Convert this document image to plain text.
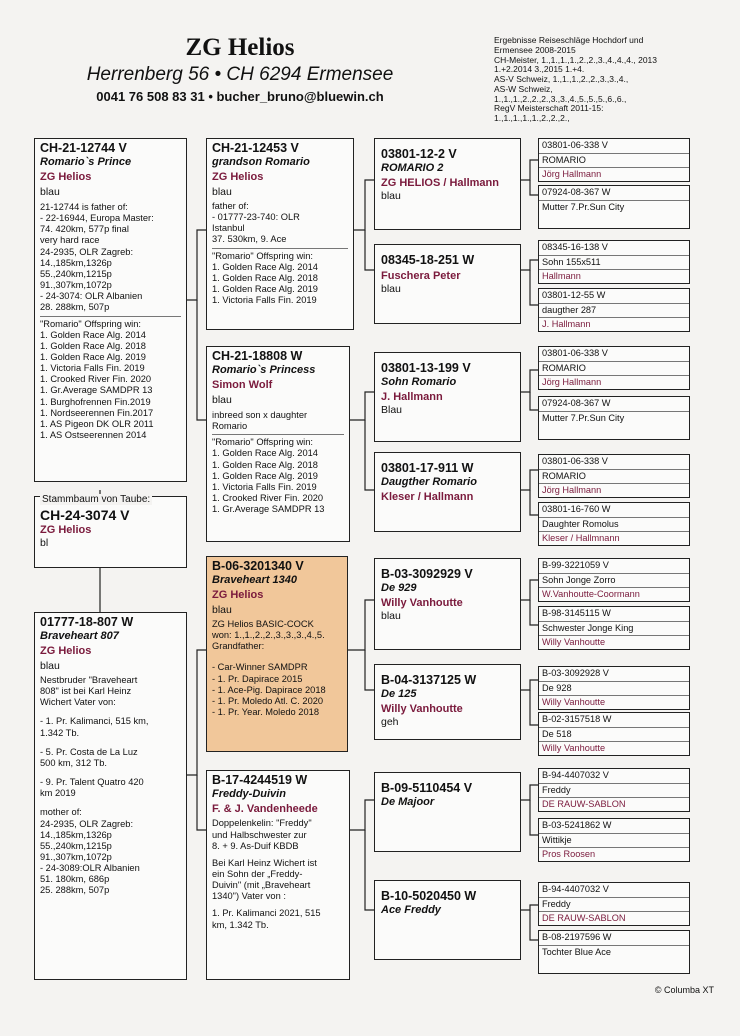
ZG Helios
Herrenberg 56 • CH 6294 Ermensee
0041 76 508 83 31 • bucher_bruno@bluewin.ch
Ergebnisse Reiseschläge Hochdorf und
Ermensee 2008-2015
CH-Meister, 1.,1.,1.,1.,2.,2.,3.,4.,4.,4., 2013
1.+2.2014 3.,2015 1.+4.
AS-V Schweiz, 1.,1.,1.,2.,2.,3.,3.,4.,
AS-W Schweiz,
1.,1.,1.,2.,2.,2.,3.,3.,4.,5.,5.,5.,6.,6.,
RegV Meisterschaft 2011-15:
1.,1.,1.,1.,1.,2.,2.,2.,
CH-21-12744 V
Romario`s Prince
ZG Helios
blau
21-12744 is father of:
- 22-16944, Europa Master:
74. 420km, 577p final
very hard race
24-2935, OLR Zagreb:
14.,185km,1326p
55.,240km,1215p
91.,307km,1072p
- 24-3074: OLR Albanien
28. 288km, 507p
"Romario" Offspring win:
1. Golden Race Alg. 2014
1. Golden Race Alg. 2018
1. Golden Race Alg. 2019
1. Victoria Falls Fin. 2019
1. Crooked River Fin. 2020
1. Gr.Average SAMDPR 13
1. Burghofrennen Fin.2019
1. Nordseerennen Fin.2017
1. AS Pigeon DK OLR 2011
1. AS Ostseerennen 2014
CH-24-3074 V
ZG Helios
bl
Stammbaum von Taube:
01777-18-807 W
Braveheart 807
ZG Helios
blau
Nestbruder "Braveheart
808" ist bei Karl Heinz
Wichert Vater von:
- 1. Pr. Kalimanci, 515 km,
1.342 Tb.
- 5. Pr. Costa de La Luz
500 km, 312 Tb.
- 9. Pr. Talent Quatro 420
km 2019
mother of:
24-2935, OLR Zagreb:
14.,185km,1326p
55.,240km,1215p
91.,307km,1072p
- 24-3089:OLR Albanien
51. 180km, 686p
25. 288km, 507p
CH-21-12453 V
grandson Romario
ZG Helios
blau
father of:
- 01777-23-740: OLR
Istanbul
37. 530km, 9. Ace
"Romario" Offspring win:
1. Golden Race Alg. 2014
1. Golden Race Alg. 2018
1. Golden Race Alg. 2019
1. Victoria Falls Fin. 2019
CH-21-18808 W
Romario`s Princess
Simon Wolf
blau
inbreed son x daughter
Romario
"Romario" Offspring win:
1. Golden Race Alg. 2014
1. Golden Race Alg. 2018
1. Golden Race Alg. 2019
1. Victoria Falls Fin. 2019
1. Crooked River Fin. 2020
1. Gr.Average SAMDPR 13
B-06-3201340 V
Braveheart 1340
ZG Helios
blau
ZG Helios BASIC-COCK
won: 1.,1.,2.,2.,3.,3.,3.,4.,5.
Grandfather:
- Car-Winner SAMDPR
- 1. Pr. Dapirace 2015
- 1. Ace-Pig. Dapirace 2018
- 1. Pr. Moledo Atl. C. 2020
- 1. Pr. Year. Moledo 2018
B-17-4244519 W
Freddy-Duivin
F. & J. Vandenheede
Doppelenkelin: "Freddy"
und Halbschwester zur
8. + 9. As-Duif KBDB
Bei Karl Heinz Wichert ist
ein Sohn der „Freddy-
Duivin" (mit „Braveheart
1340") Vater von :
1. Pr. Kalimanci 2021, 515
km, 1.342 Tb.
03801-12-2 V
ROMARIO 2
ZG HELIOS / Hallmann
blau
08345-18-251 W
Fuschera Peter
blau
03801-13-199 V
Sohn Romario
J. Hallmann
Blau
03801-17-911 W
Daugther Romario
Kleser / Hallmann
B-03-3092929 V
De 929
Willy Vanhoutte
blau
B-04-3137125 W
De 125
Willy Vanhoutte
geh
B-09-5110454 V
De Majoor
B-10-5020450 W
Ace Freddy
03801-06-338 V
ROMARIO
Jörg Hallmann
07924-08-367 W
Mutter 7.Pr.Sun City
08345-16-138 V
Sohn 155x511
Hallmann
03801-12-55 W
daugther 287
J. Hallmann
03801-06-338 V
ROMARIO
Jörg Hallmann
07924-08-367 W
Mutter 7.Pr.Sun City
03801-06-338 V
ROMARIO
Jörg Hallmann
03801-16-760 W
Daughter Romolus
Kleser / Hallmnann
B-99-3221059 V
Sohn Jonge Zorro
W.Vanhoutte-Coormann
B-98-3145115 W
Schwester Jonge King
Willy Vanhoutte
B-03-3092928 V
De 928
Willy Vanhoutte
B-02-3157518 W
De 518
Willy Vanhoutte
B-94-4407032 V
Freddy
DE RAUW-SABLON
B-03-5241862 W
Wittikje
Pros Roosen
B-94-4407032 V
Freddy
DE RAUW-SABLON
B-08-2197596 W
Tochter Blue Ace
© Columba XT
